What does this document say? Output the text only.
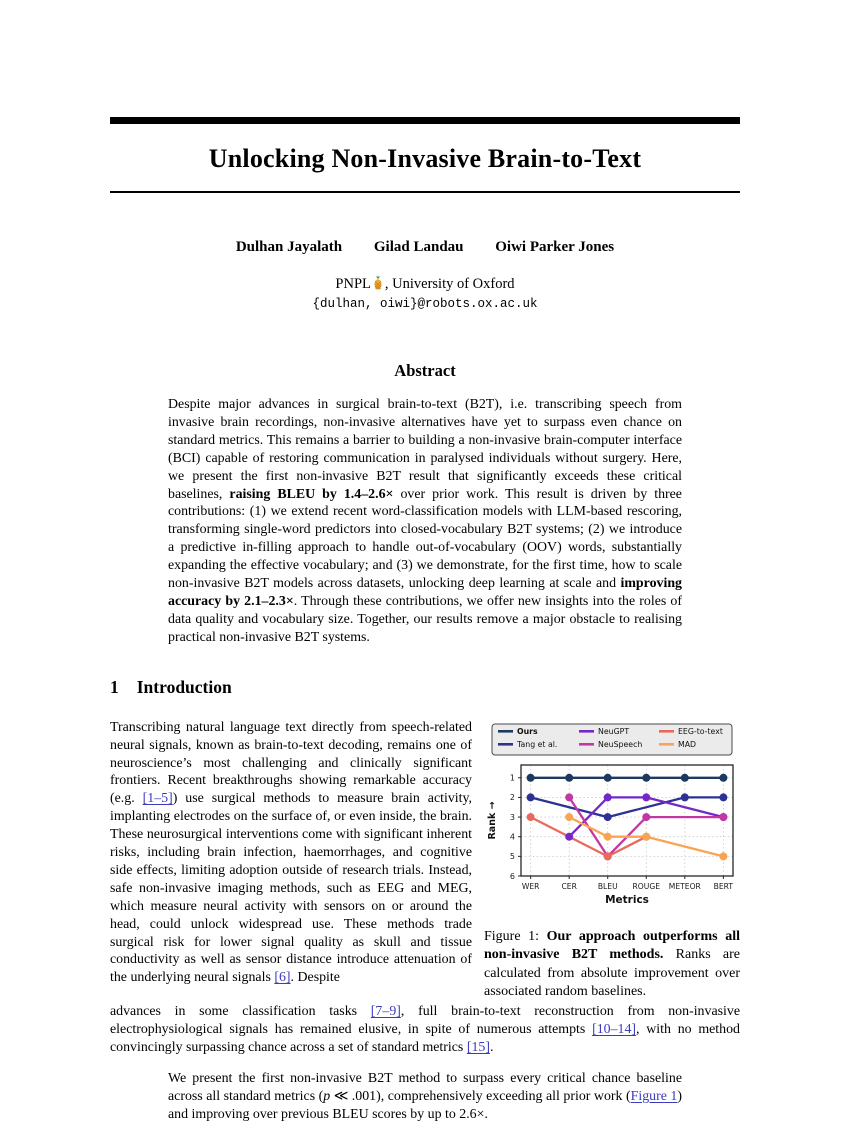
Unlocking Non-Invasive Brain-to-Text
Dulhan Jayalath Gilad Landau Oiwi Parker Jones
PNPL , University of Oxford
{dulhan, oiwi}@robots.ox.ac.uk
Abstract
Despite major advances in surgical brain-to-text (B2T), i.e. transcribing speech from invasive brain recordings, non-invasive alternatives have yet to surpass even chance on standard metrics. This remains a barrier to building a non-invasive brain-computer interface (BCI) capable of restoring communication in paralysed individuals without surgery. Here, we present the first non-invasive B2T result that significantly exceeds these critical baselines, raising BLEU by 1.4–2.6× over prior work. This result is driven by three contributions: (1) we extend recent word-classification models with LLM-based rescoring, transforming single-word predictors into closed-vocabulary B2T systems; (2) we introduce a predictive in-filling approach to handle out-of-vocabulary (OOV) words, substantially expanding the effective vocabulary; and (3) we demonstrate, for the first time, how to scale non-invasive B2T models across datasets, unlocking deep learning at scale and improving accuracy by 2.1–2.3×. Through these contributions, we offer new insights into the roles of data quality and vocabulary size. Together, our results remove a major obstacle to realising practical non-invasive B2T systems.
1 Introduction
Transcribing natural language text directly from speech-related neural signals, known as brain-to-text decoding, remains one of neuroscience’s most challenging and clinically significant frontiers. Recent breakthroughs showing remarkable accuracy (e.g. [1–5]) use surgical methods to measure brain activity, implanting electrodes on the surface of, or even inside, the brain. These neurosurgical interventions come with significant inherent risks, including brain infection, haemorrhages, and cognitive side effects, limiting adoption outside of research trials. Instead, safe non-invasive imaging methods, such as EEG and MEG, which measure neural activity with sensors on or around the head, could unlock widespread use. These methods trade surgical risk for lower signal quality as skull and tissue conductivity as well as sensor distance introduce attenuation of the underlying neural signals [6]. Despite
1
2
3
4
5
6
WER	CER	BLEU ROUGE METEOR BERT
Rank →
Metrics
Ours
Tang et al.
NeuGPT
NeuSpeech
EEG-to-text
MAD
Figure 1: Our approach outperforms all non-invasive B2T methods. Ranks are calculated from absolute improvement over associated random baselines.
advances in some classification tasks [7–9], full brain-to-text reconstruction from non-invasive electrophysiological signals has remained elusive, in spite of numerous attempts [10–14], with no method convincingly surpassing chance across a set of standard metrics [15].
We present the first non-invasive B2T method to surpass every critical chance baseline across all standard metrics (p ≪ .001), comprehensively exceeding all prior work (Figure 1) and improving over previous BLEU scores by up to 2.6×.
